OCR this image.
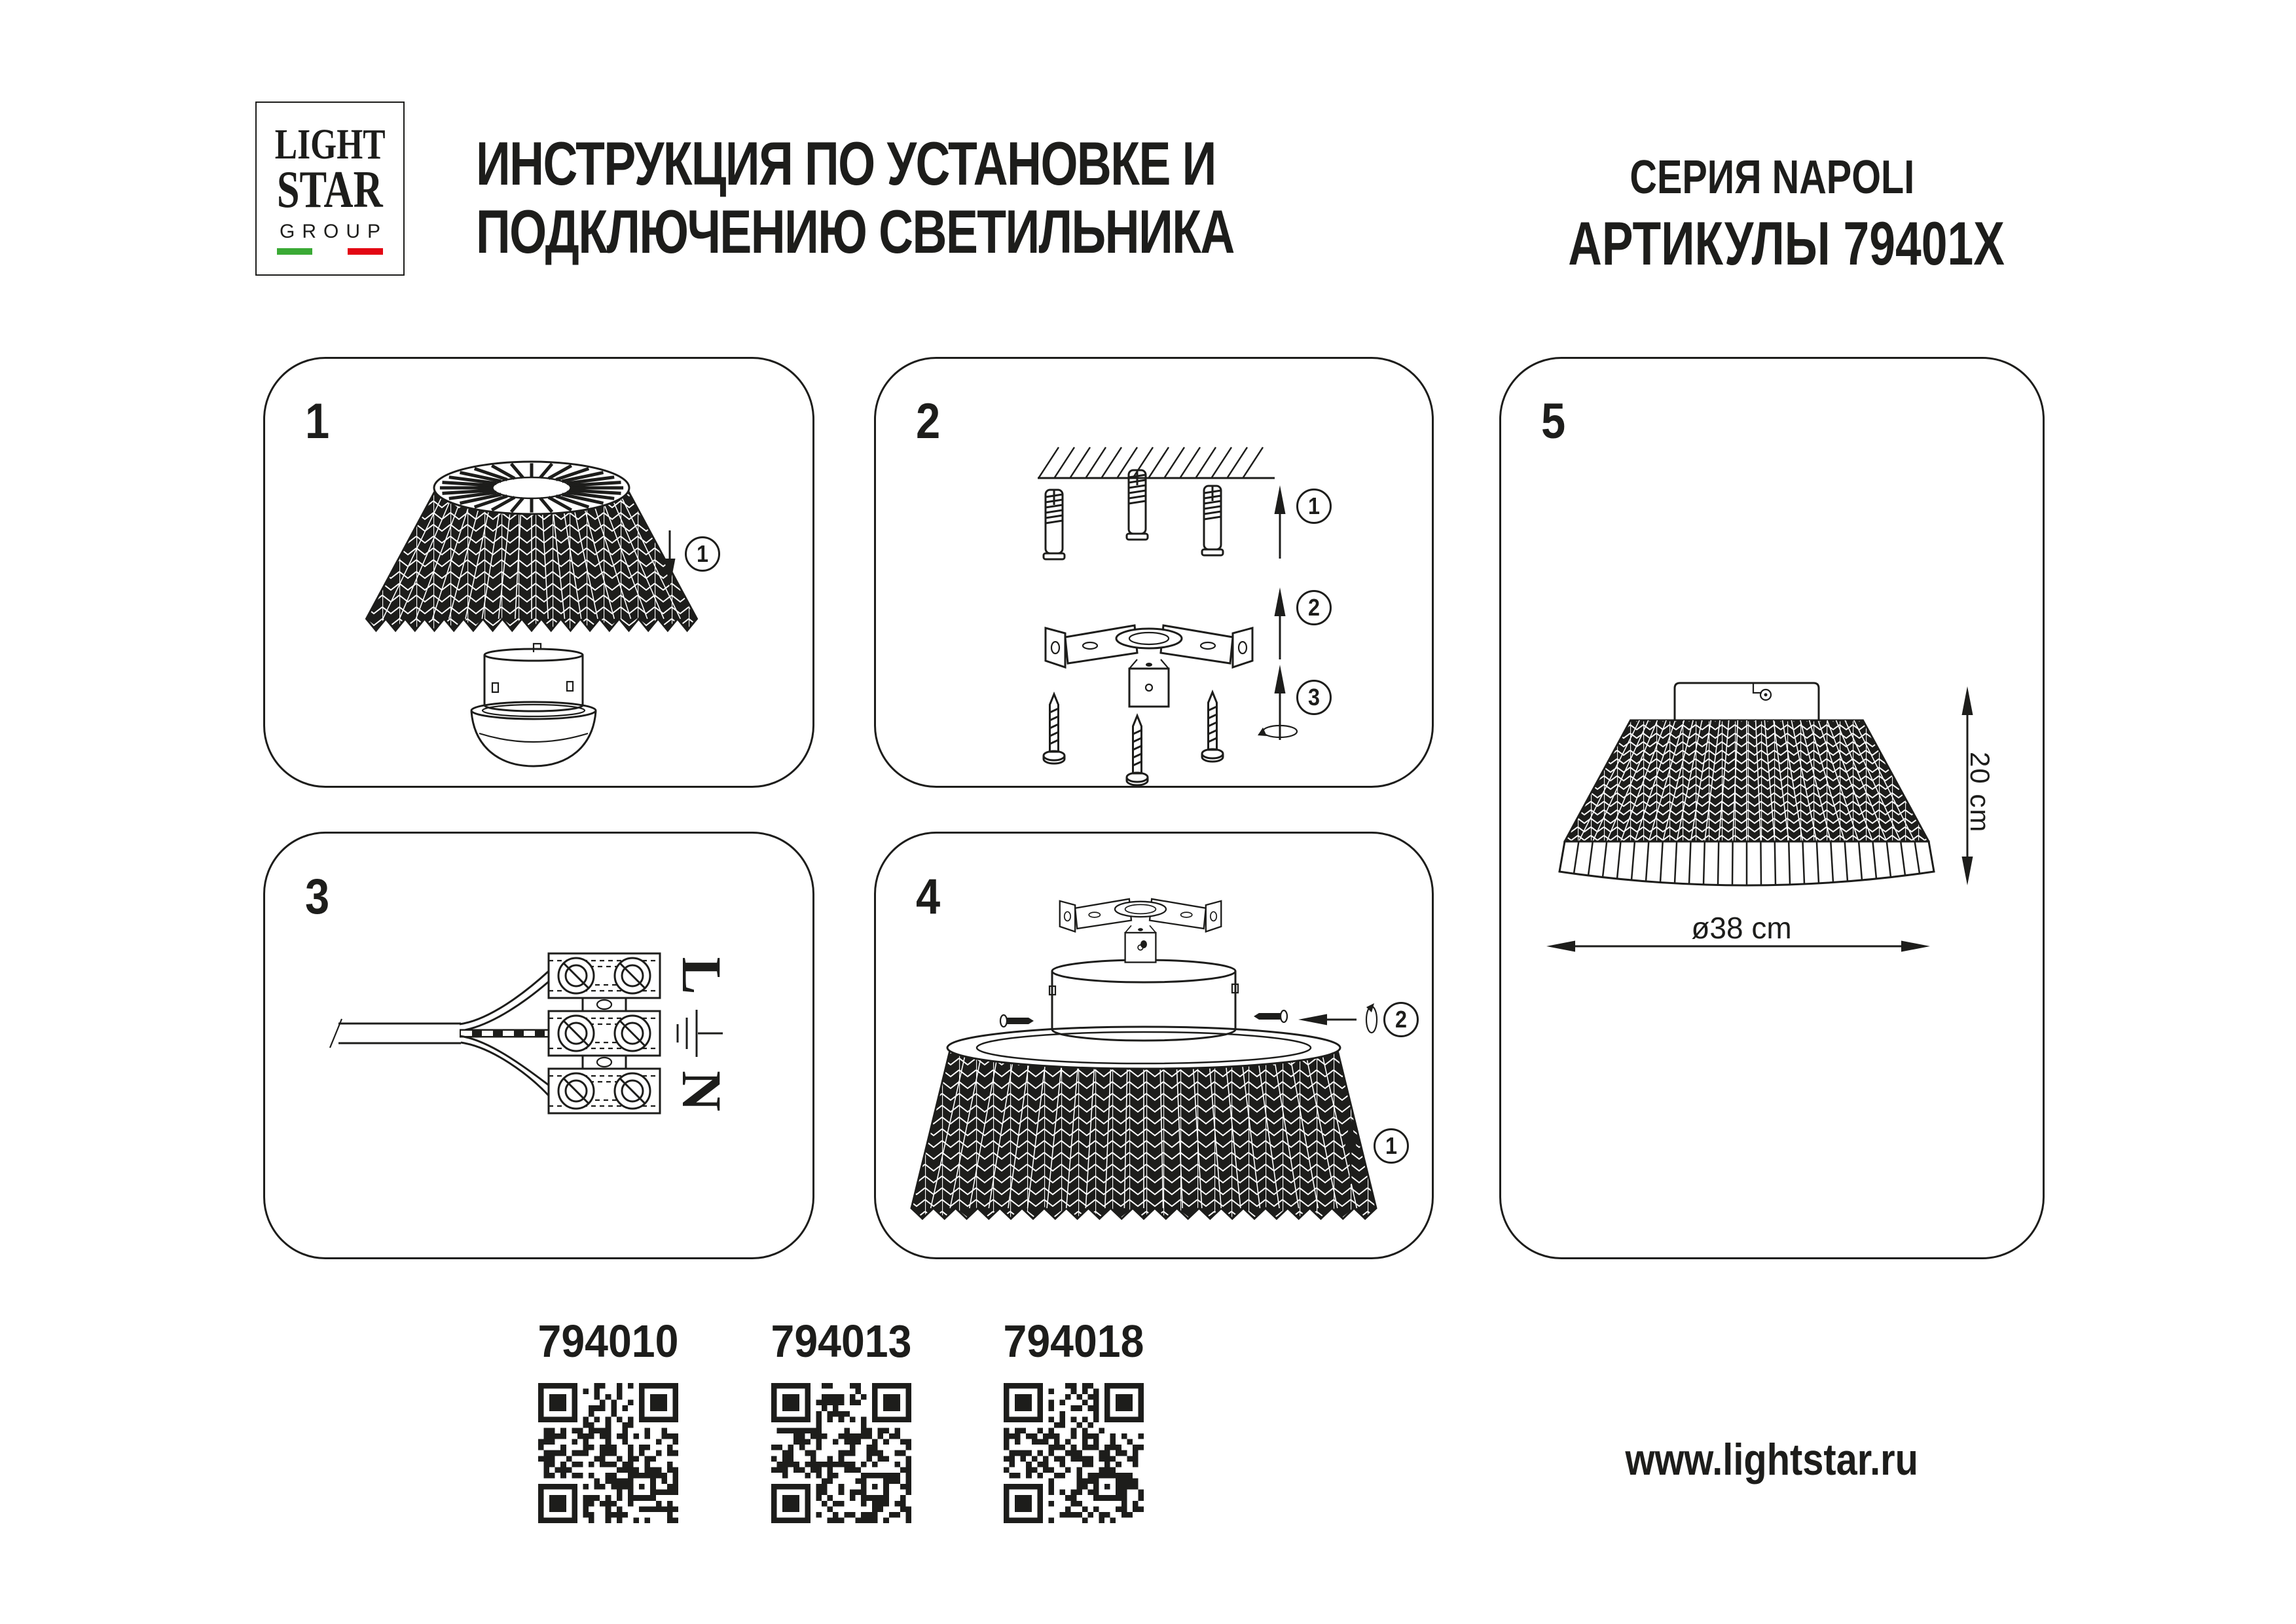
LIGHT
STAR
GROUP
ИНСТРУКЦИЯ ПО УСТАНОВКЕ И
ПОДКЛЮЧЕНИЮ СВЕТИЛЬНИКА
СЕРИЯ NAPOLI
АРТИКУЛЫ 79401X
1	2
3	4
5
1
1
2
3
2
1
L
N
20 cm
ø38 cm
794010	794013	794018
www.lightstar.ru
